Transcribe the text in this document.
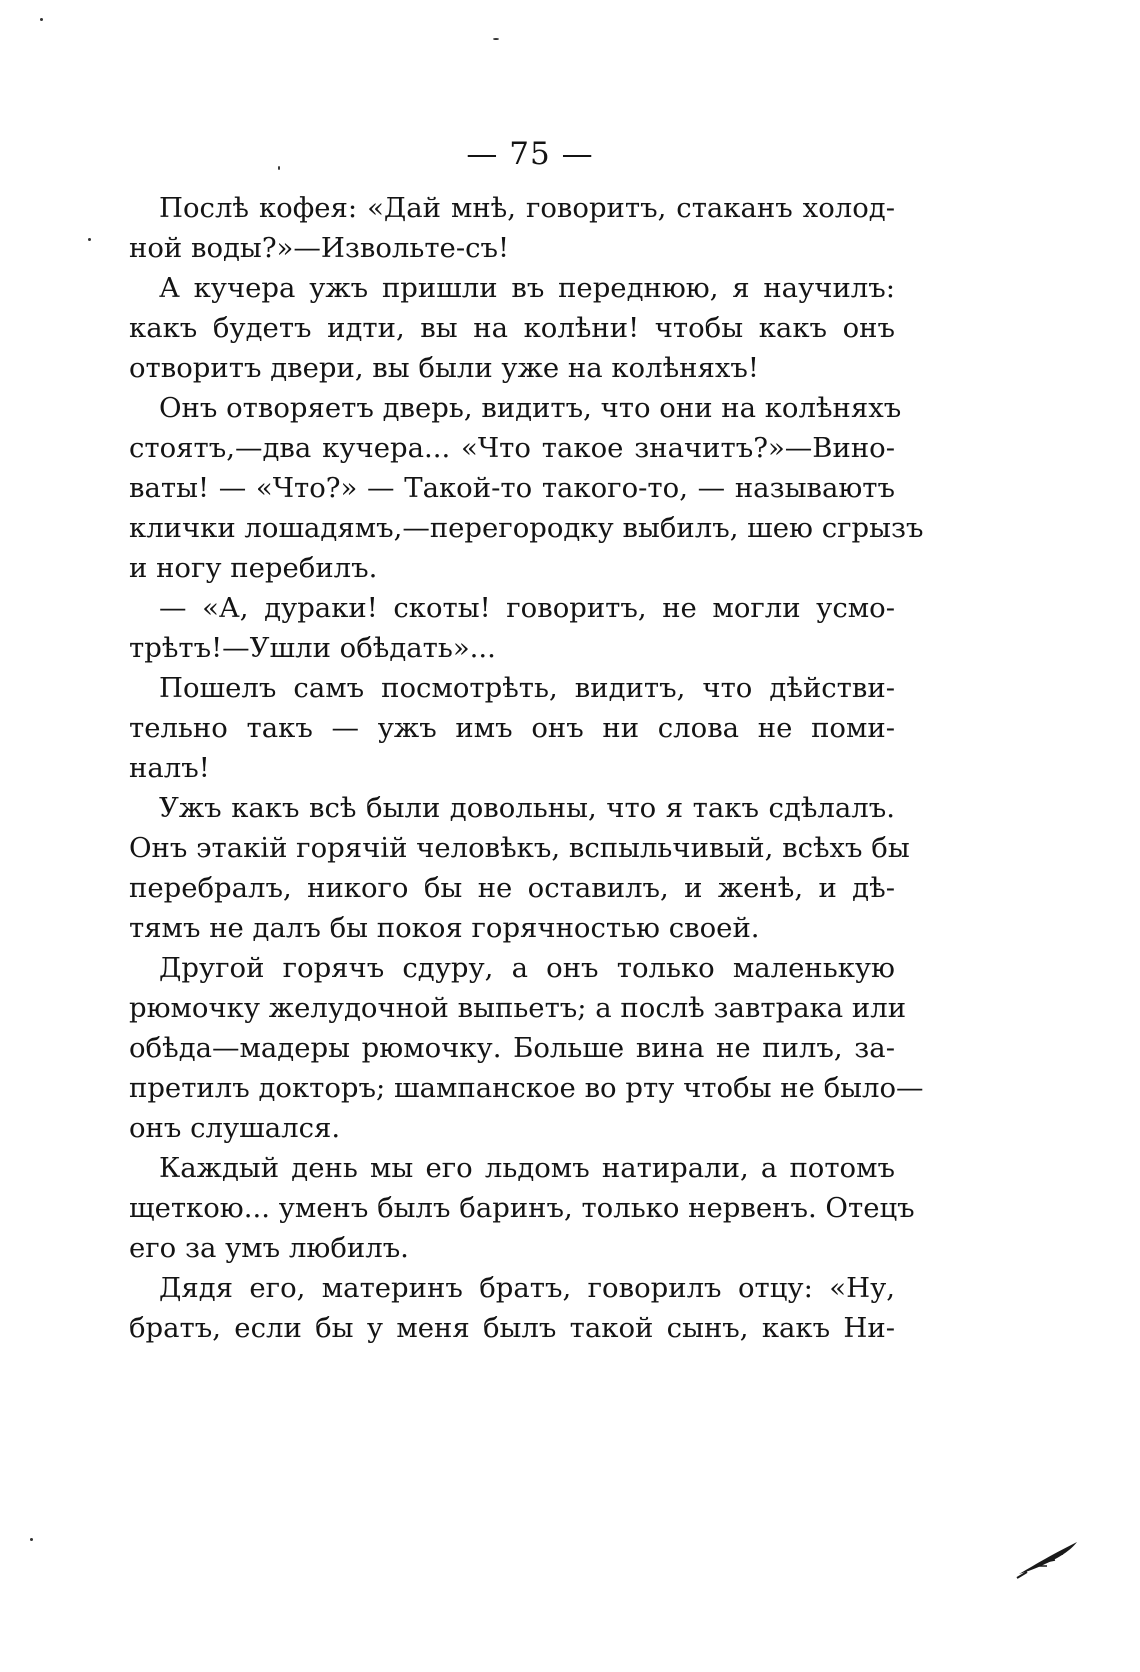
— 75 —
Послѣ кофея: «Дай мнѣ, говоритъ, стаканъ холод-
ной воды?»—Извольте-съ!
А кучера ужъ пришли въ переднюю, я научилъ:
какъ будетъ идти, вы на колѣни! чтобы какъ онъ
отворитъ двери, вы были уже на колѣняхъ!
Онъ отворяетъ дверь, видитъ, что они на колѣняхъ
стоятъ,—два кучера... «Что такое значитъ?»—Вино-
ваты! — «Что?» — Такой-то такого-то, — называютъ
клички лошадямъ,—перегородку выбилъ, шею сгрызъ
и ногу перебилъ.
— «А, дураки! скоты! говоритъ, не могли усмо-
трѣтъ!—Ушли обѣдать»...
Пошелъ самъ посмотрѣть, видитъ, что дѣйстви-
тельно такъ — ужъ имъ онъ ни слова не поми-
налъ!
Ужъ какъ всѣ были довольны, что я такъ сдѣлалъ.
Онъ этакiй горячiй человѣкъ, вспыльчивый, всѣхъ бы
перебралъ, никого бы не оставилъ, и женѣ, и дѣ-
тямъ не далъ бы покоя горячностью своей.
Другой горячъ сдуру, а онъ только маленькую
рюмочку желудочной выпьетъ; а послѣ завтрака или
обѣда—мадеры рюмочку. Больше вина не пилъ, за-
претилъ докторъ; шампанское во рту чтобы не было—
онъ слушался.
Каждый день мы его льдомъ натирали, а потомъ
щеткою... уменъ былъ баринъ, только нервенъ. Отецъ
его за умъ любилъ.
Дядя его, материнъ братъ, говорилъ отцу: «Ну,
братъ, если бы у меня былъ такой сынъ, какъ Ни-
